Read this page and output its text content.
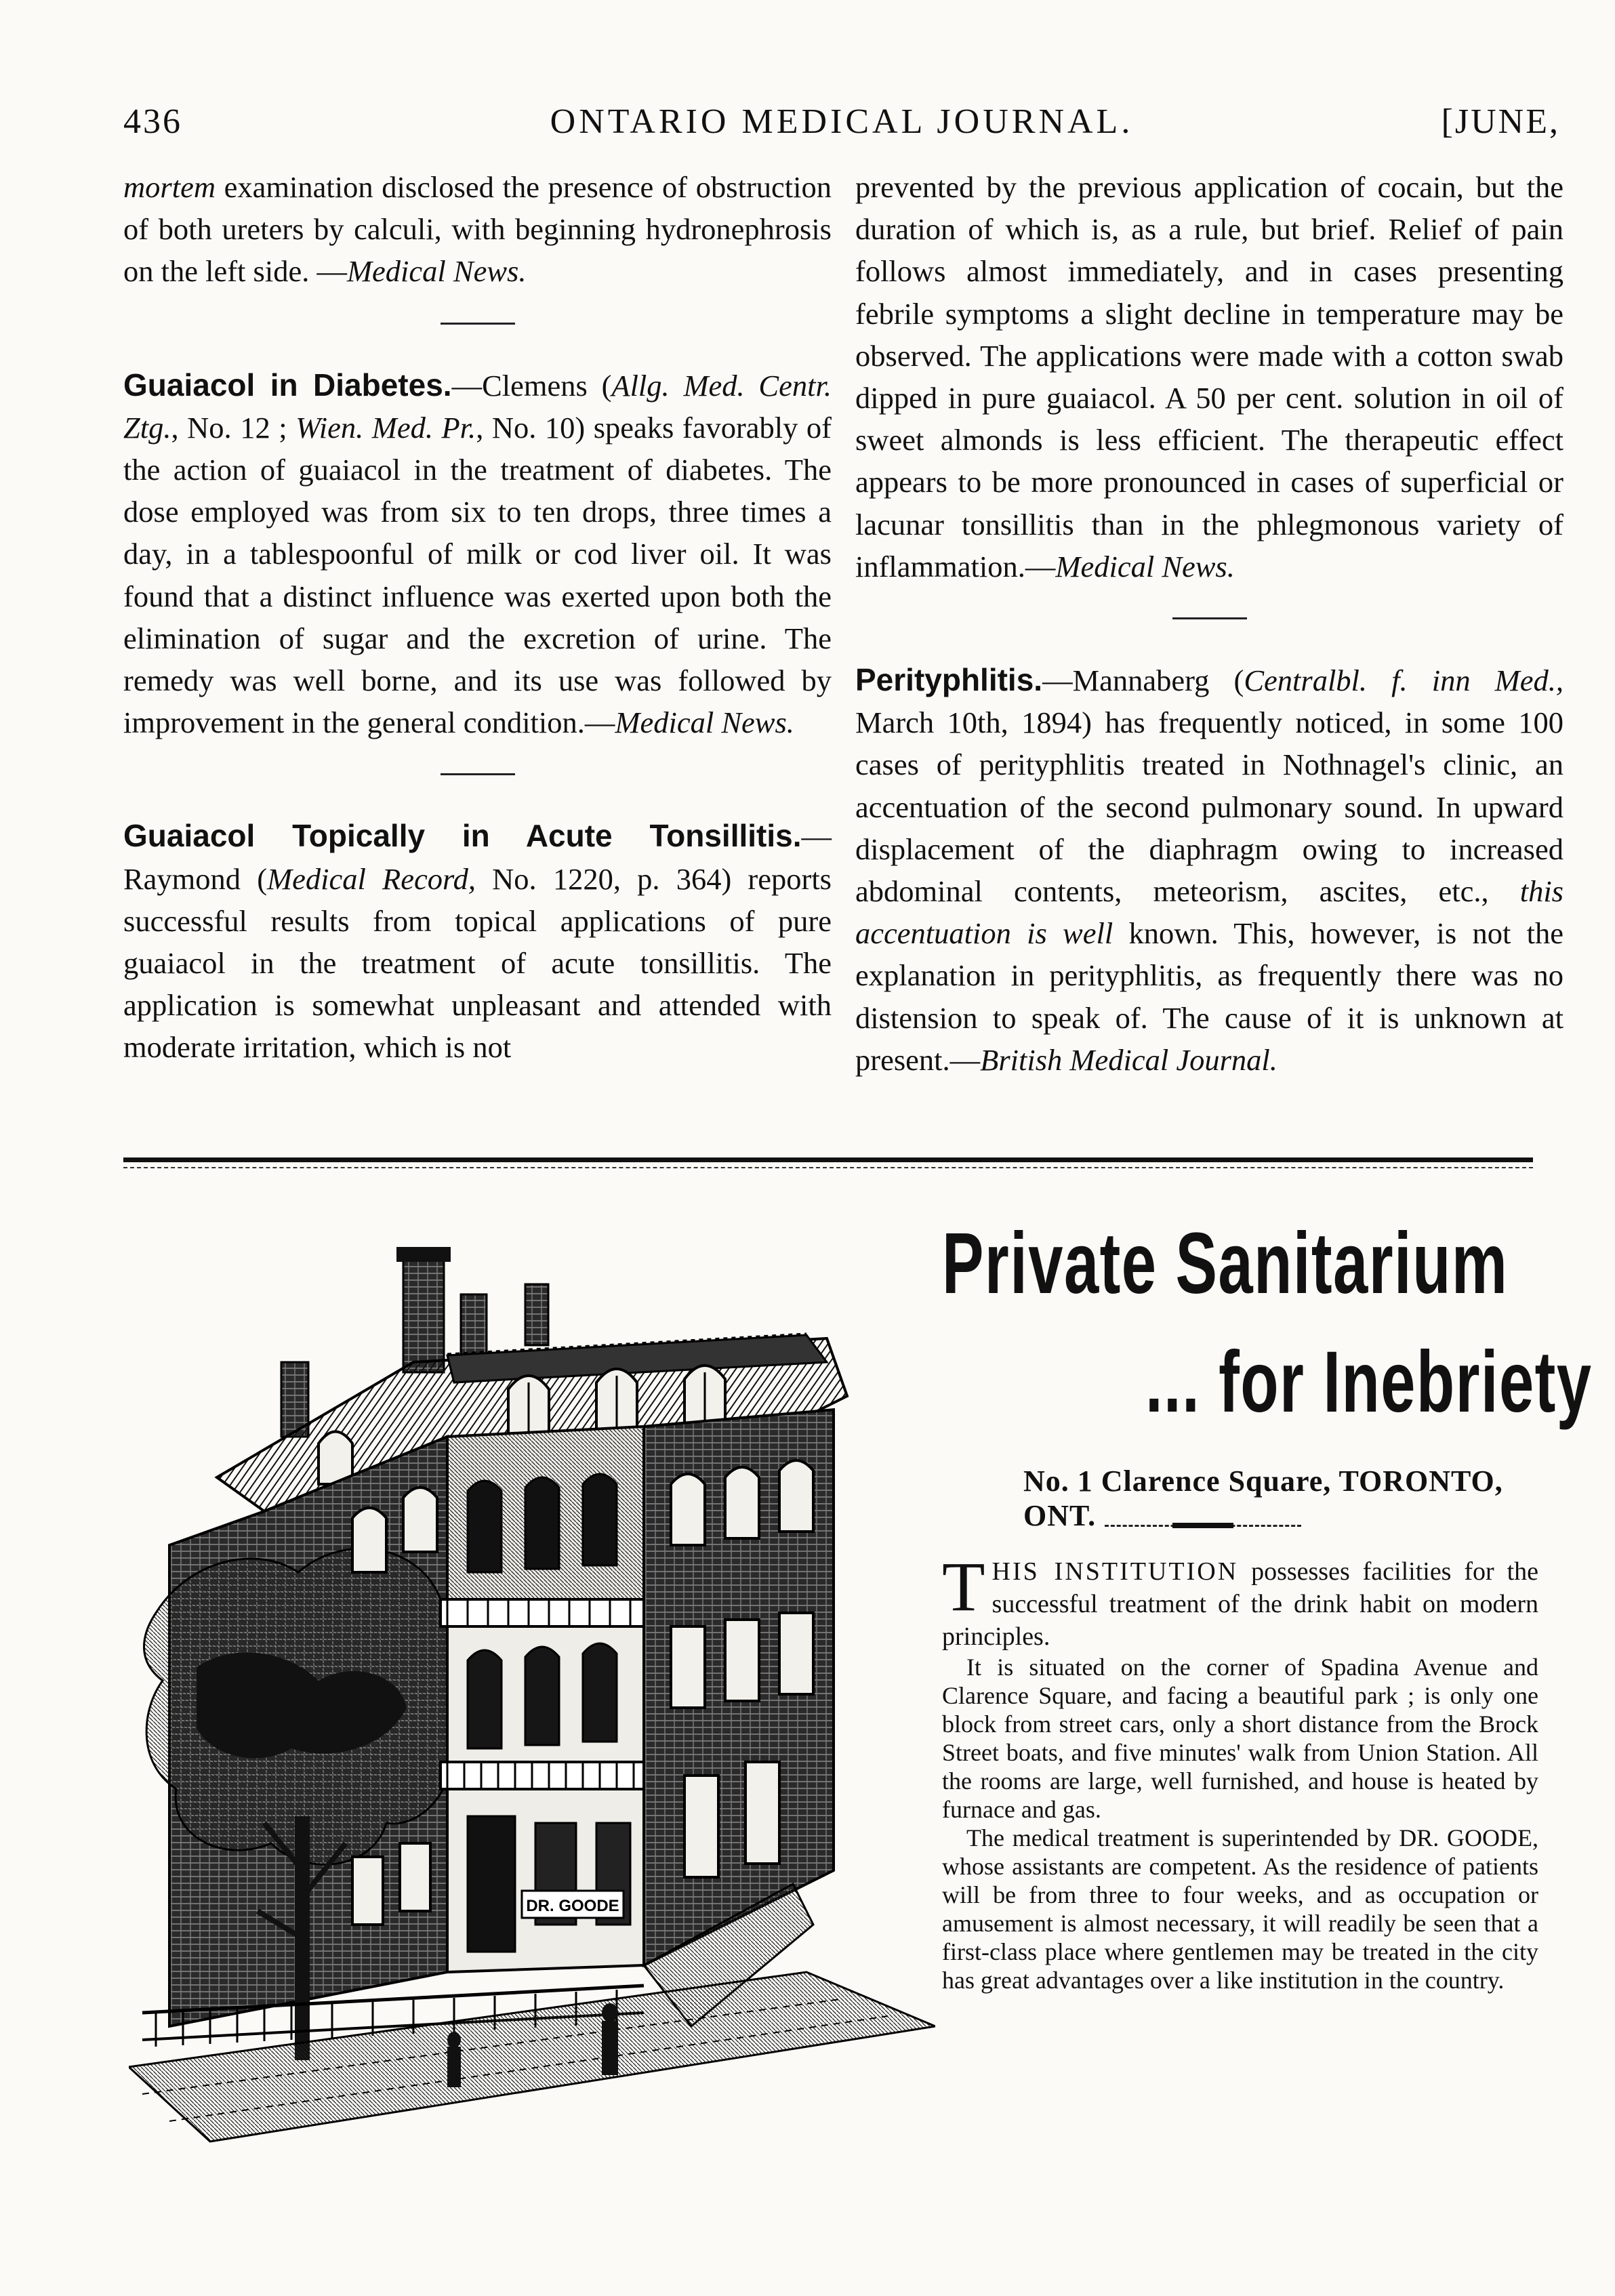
436	ONTARIO MEDICAL JOURNAL.	[JUNE,

mortem examination disclosed the presence of obstruction of both ureters by calculi, with beginning hydronephrosis on the left side. —Medical News.

Guaiacol in Diabetes.—Clemens (Allg. Med. Centr. Ztg., No. 12 ; Wien. Med. Pr., No. 10) speaks favorably of the action of guaiacol in the treatment of diabetes. The dose employed was from six to ten drops, three times a day, in a tablespoonful of milk or cod liver oil. It was found that a distinct influence was exerted upon both the elimination of sugar and the excretion of urine. The remedy was well borne, and its use was followed by improvement in the general condition.—Medical News.

Guaiacol Topically in Acute Tonsillitis.—Raymond (Medical Record, No. 1220, p. 364) reports successful results from topical applications of pure guaiacol in the treatment of acute tonsillitis. The application is somewhat unpleasant and attended with moderate irritation, which is not

prevented by the previous application of cocain, but the duration of which is, as a rule, but brief. Relief of pain follows almost immediately, and in cases presenting febrile symptoms a slight decline in temperature may be observed. The applications were made with a cotton swab dipped in pure guaiacol. A 50 per cent. solution in oil of sweet almonds is less efficient. The therapeutic effect appears to be more pronounced in cases of superficial or lacunar tonsillitis than in the phlegmonous variety of inflammation.—Medical News.

Perityphlitis.—Mannaberg (Centralbl. f. inn Med., March 10th, 1894) has frequently noticed, in some 100 cases of perityphlitis treated in Nothnagel's clinic, an accentuation of the second pulmonary sound. In upward displacement of the diaphragm owing to increased abdominal contents, meteorism, ascites, etc., this accentuation is well known. This, however, is not the explanation in perityphlitis, as frequently there was no distension to speak of. The cause of it is unknown at present.—British Medical Journal.

DR. GOODE
Private Sanitarium
... for Inebriety
No. 1 Clarence Square, TORONTO, ONT.

THIS INSTITUTION possesses facilities for the successful treatment of the drink habit on modern principles.

It is situated on the corner of Spadina Avenue and Clarence Square, and facing a beautiful park ; is only one block from street cars, only a short distance from the Brock Street boats, and five minutes' walk from Union Station. All the rooms are large, well furnished, and house is heated by furnace and gas.

The medical treatment is superintended by DR. GOODE, whose assistants are competent. As the residence of patients will be from three to four weeks, and as occupation or amusement is almost necessary, it will readily be seen that a first-class place where gentlemen may be treated in the city has great advantages over a like institution in the country.
